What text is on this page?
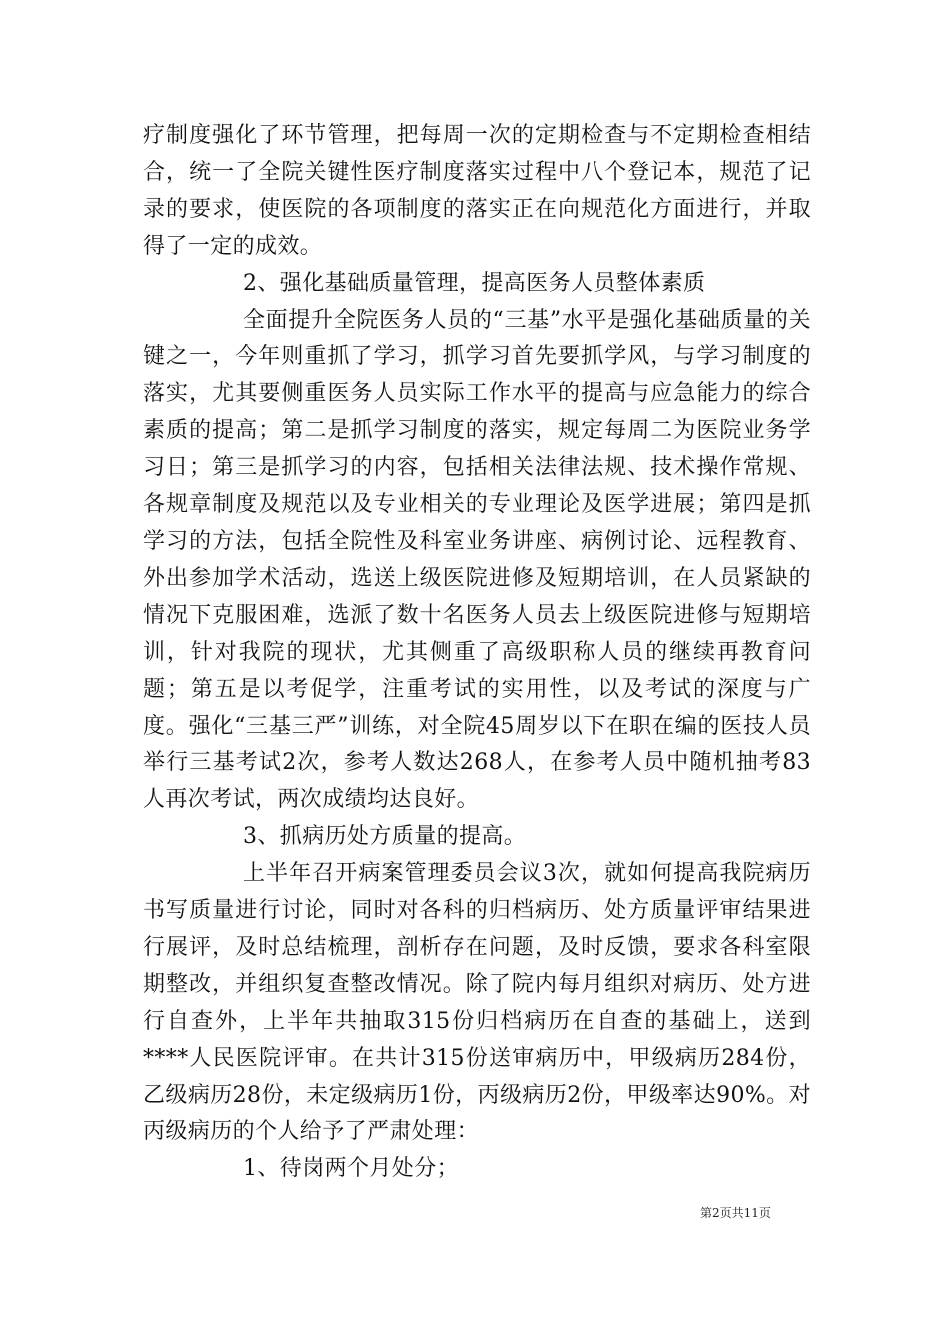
疗制度强化了环节管理，把每周一次的定期检查与不定期检查相结合，统一了全院关键性医疗制度落实过程中八个登记本，规范了记录的要求，使医院的各项制度的落实正在向规范化方面进行，并取得了一定的成效。

2、强化基础质量管理，提高医务人员整体素质

全面提升全院医务人员的“三基”水平是强化基础质量的关键之一，今年则重抓了学习，抓学习首先要抓学风，与学习制度的落实，尤其要侧重医务人员实际工作水平的提高与应急能力的综合素质的提高；第二是抓学习制度的落实，规定每周二为医院业务学习日；第三是抓学习的内容，包括相关法律法规、技术操作常规、各规章制度及规范以及专业相关的专业理论及医学进展；第四是抓学习的方法，包括全院性及科室业务讲座、病例讨论、远程教育、外出参加学术活动，选送上级医院进修及短期培训，在人员紧缺的情况下克服困难，选派了数十名医务人员去上级医院进修与短期培训，针对我院的现状，尤其侧重了高级职称人员的继续再教育问题；第五是以考促学，注重考试的实用性，以及考试的深度与广度。强化“三基三严”训练，对全院45周岁以下在职在编的医技人员举行三基考试2次，参考人数达268人，在参考人员中随机抽考83人再次考试，两次成绩均达良好。

3、抓病历处方质量的提高。

上半年召开病案管理委员会议3次，就如何提高我院病历书写质量进行讨论，同时对各科的归档病历、处方质量评审结果进行展评，及时总结梳理，剖析存在问题，及时反馈，要求各科室限期整改，并组织复查整改情况。除了院内每月组织对病历、处方进行自查外，上半年共抽取315份归档病历在自查的基础上，送到****人民医院评审。在共计315份送审病历中，甲级病历284份，乙级病历28份，未定级病历1份，丙级病历2份，甲级率达90%。对丙级病历的个人给予了严肃处理：

1、待岗两个月处分；

第2页共11页
